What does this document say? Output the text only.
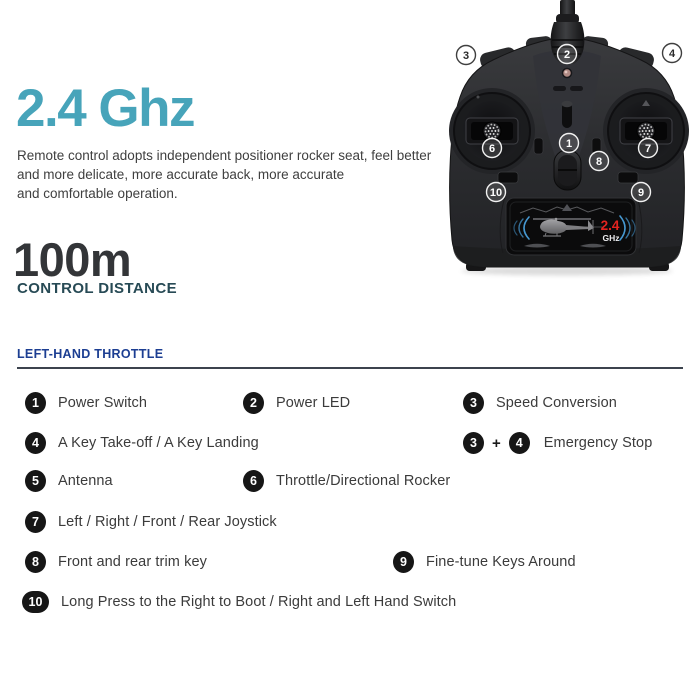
2.4 Ghz

Remote control adopts independent positioner rocker seat, feel better
and more delicate, more accurate back, more accurate
and comfortable operation.

100m
CONTROL DISTANCE
2.4
GHz
2
1
6	7
8
10	9
3	4
LEFT-HAND THROTTLE
1	Power Switch	2	Power LED	3	Speed Conversion
4	A Key Take-off / A Key Landing	3	+	4	Emergency Stop
5	Antenna	6	Throttle/Directional Rocker
7	Left / Right / Front / Rear Joystick
8	Front and rear trim key	9	Fine-tune Keys Around
10	Long Press to the Right to Boot / Right and Left Hand Switch
